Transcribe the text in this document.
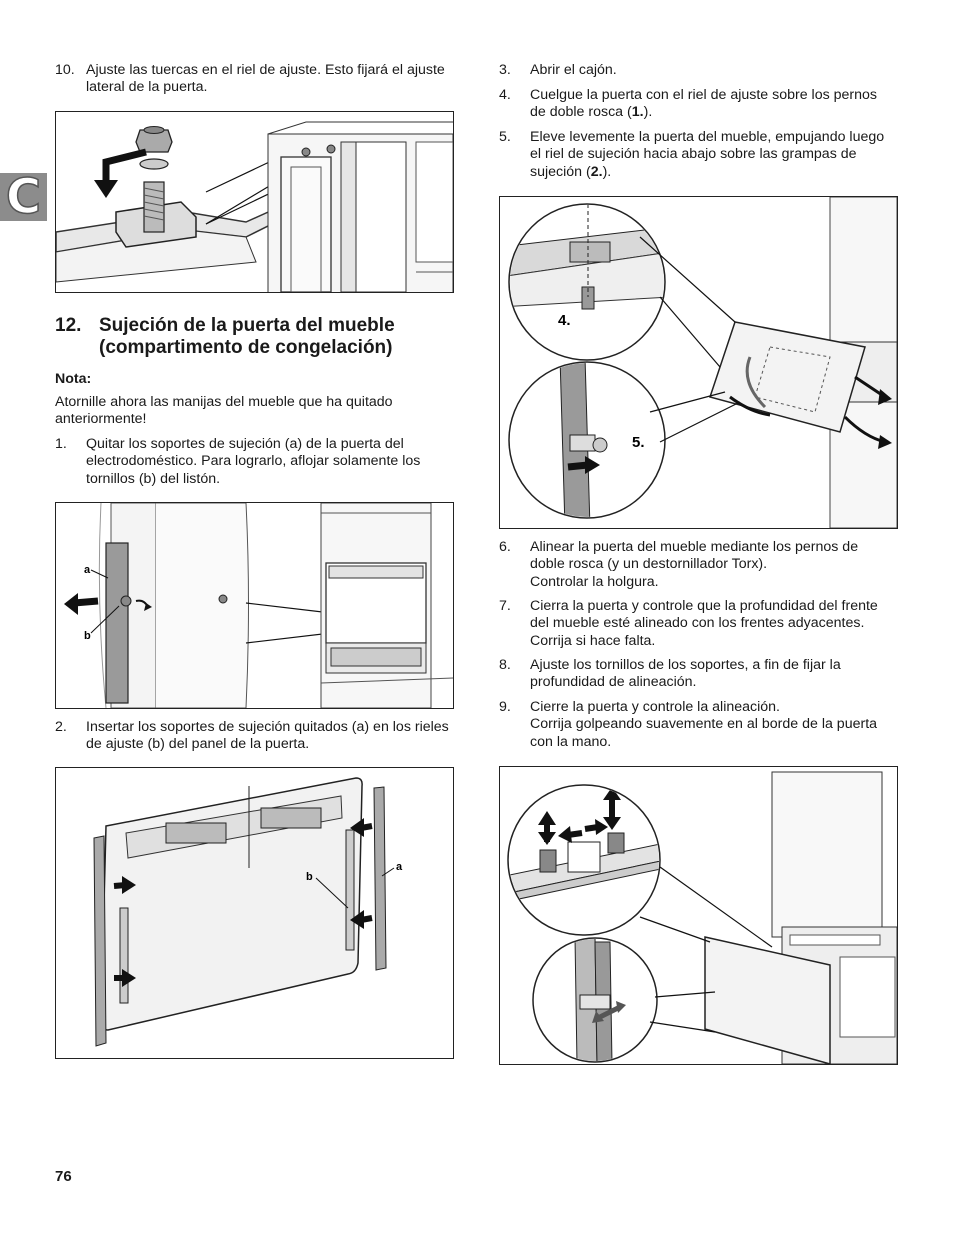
C
10. Ajuste las tuercas en el riel de ajuste. Esto fijará el ajuste lateral de la puerta.
12. Sujeción de la puerta del mueble
(compartimento de congelación)
Nota:
Atornille ahora las manijas del mueble que ha quitado anteriormente!
1. Quitar los soportes de sujeción (a) de la puerta del electrodoméstico. Para lograrlo, aflojar solamente los tornillos (b) del listón.
a
b
2. Insertar los soportes de sujeción quitados (a) en los rieles de ajuste (b) del panel de la puerta.
b
a
3. Abrir el cajón.
4. Cuelgue la puerta con el riel de ajuste sobre los pernos de doble rosca (1.).
5. Eleve levemente la puerta del mueble, empujando luego el riel de sujeción hacia abajo sobre las grampas de sujeción (2.).
4.
5.
6. Alinear la puerta del mueble mediante los pernos de doble rosca (y un destornillador Torx).
Controlar la holgura.
7. Cierra la puerta y controle que la profundidad del frente del mueble esté alineado con los frentes adyacentes. Corrija si hace falta.
8. Ajuste los tornillos de los soportes, a fin de fijar la profundidad de alineación.
9. Cierre la puerta y controle la alineación.
Corrija golpeando suavemente en al borde de la puerta con la mano.
76
